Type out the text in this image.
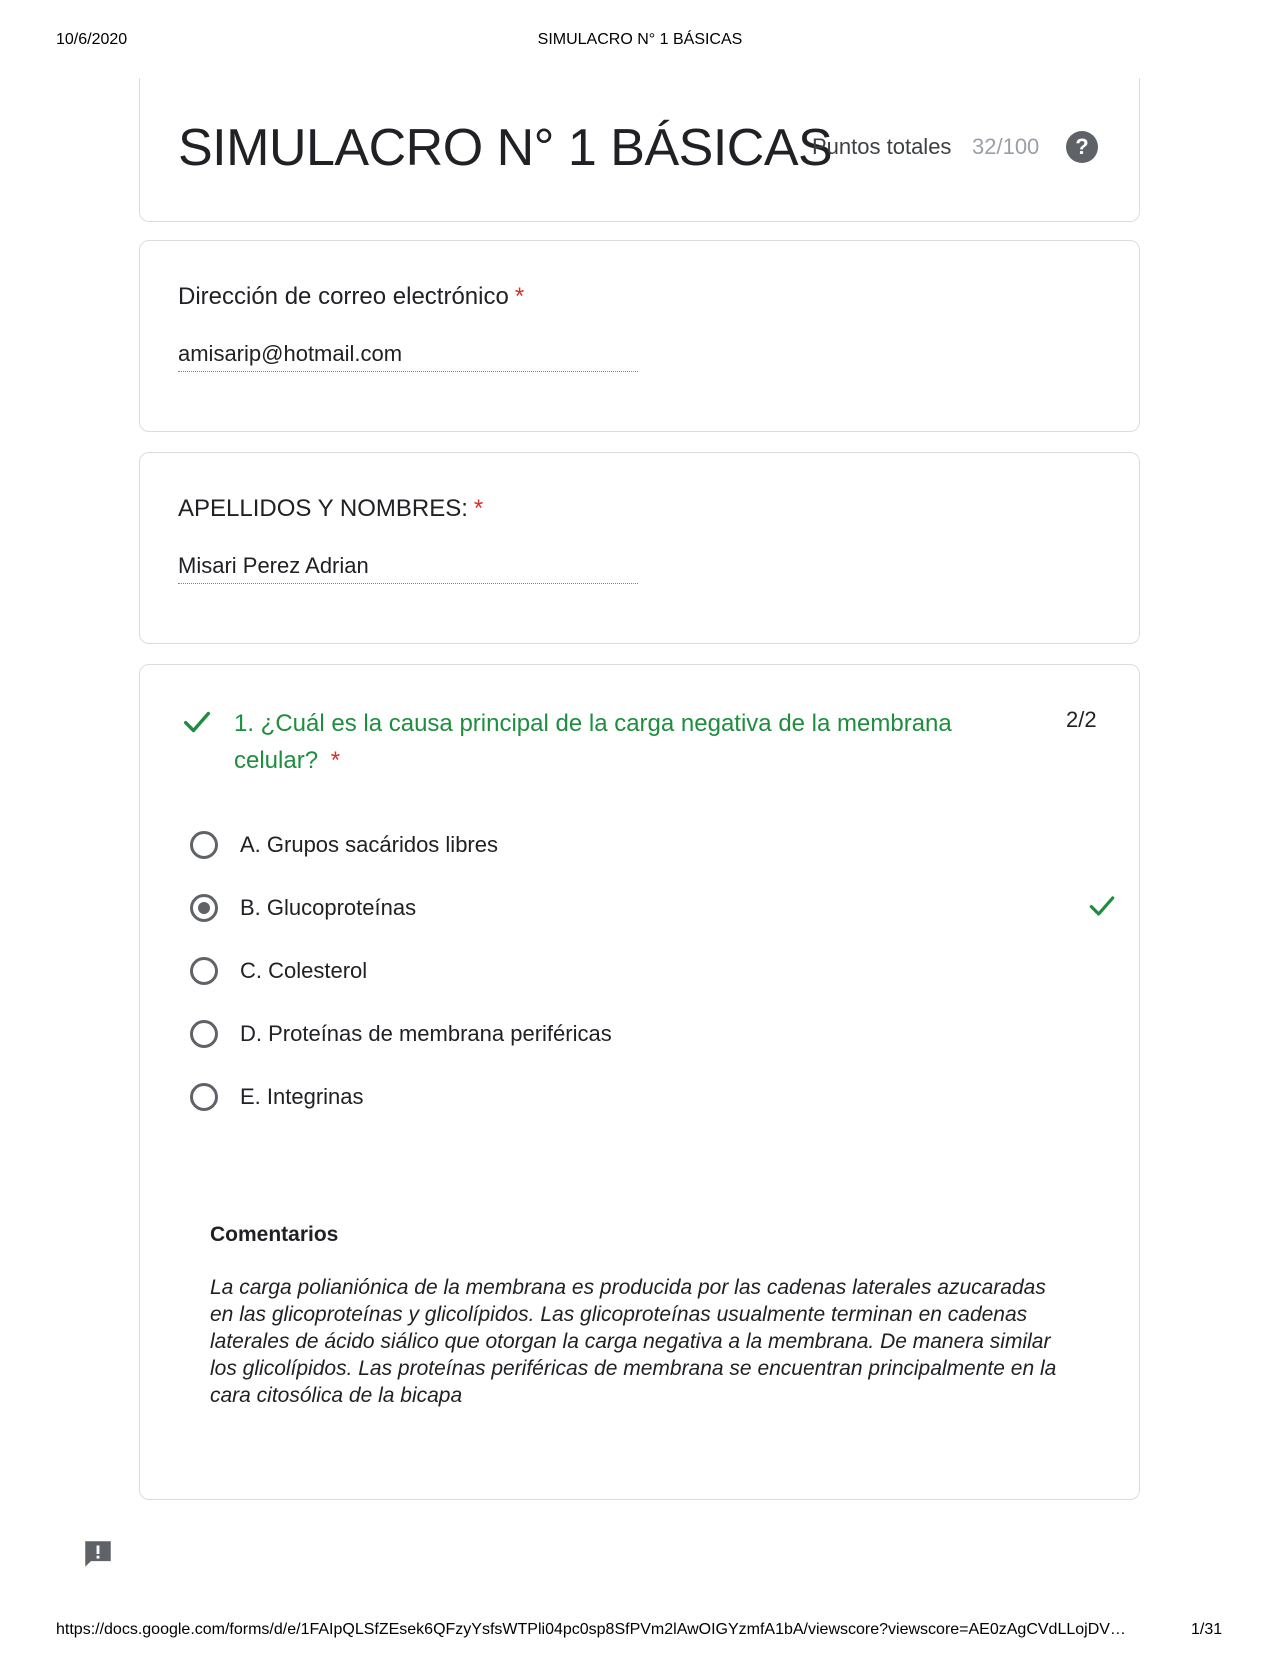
10/6/2020	SIMULACRO N° 1 BÁSICAS
SIMULACRO N° 1 BÁSICAS
Puntos totales 32/100	?
Dirección de correo electrónico *
amisarip@hotmail.com
APELLIDOS Y NOMBRES: *
Misari Perez Adrian
1. ¿Cuál es la causa principal de la carga negativa de la membrana celular? *
2/2
A. Grupos sacáridos libres
B. Glucoproteínas
C. Colesterol
D. Proteínas de membrana periféricas
E. Integrinas
Comentarios
La carga polianiónica de la membrana es producida por las cadenas laterales azucaradas en las glicoproteínas y glicolípidos. Las glicoproteínas usualmente terminan en cadenas laterales de ácido siálico que otorgan la carga negativa a la membrana. De manera similar los glicolípidos. Las proteínas periféricas de membrana se encuentran principalmente en la cara citosólica de la bicapa
https://docs.google.com/forms/d/e/1FAIpQLSfZEsek6QFzyYsfsWTPli04pc0sp8SfPVm2lAwOIGYzmfA1bA/viewscore?viewscore=AE0zAgCVdLLojDV…	1/31
